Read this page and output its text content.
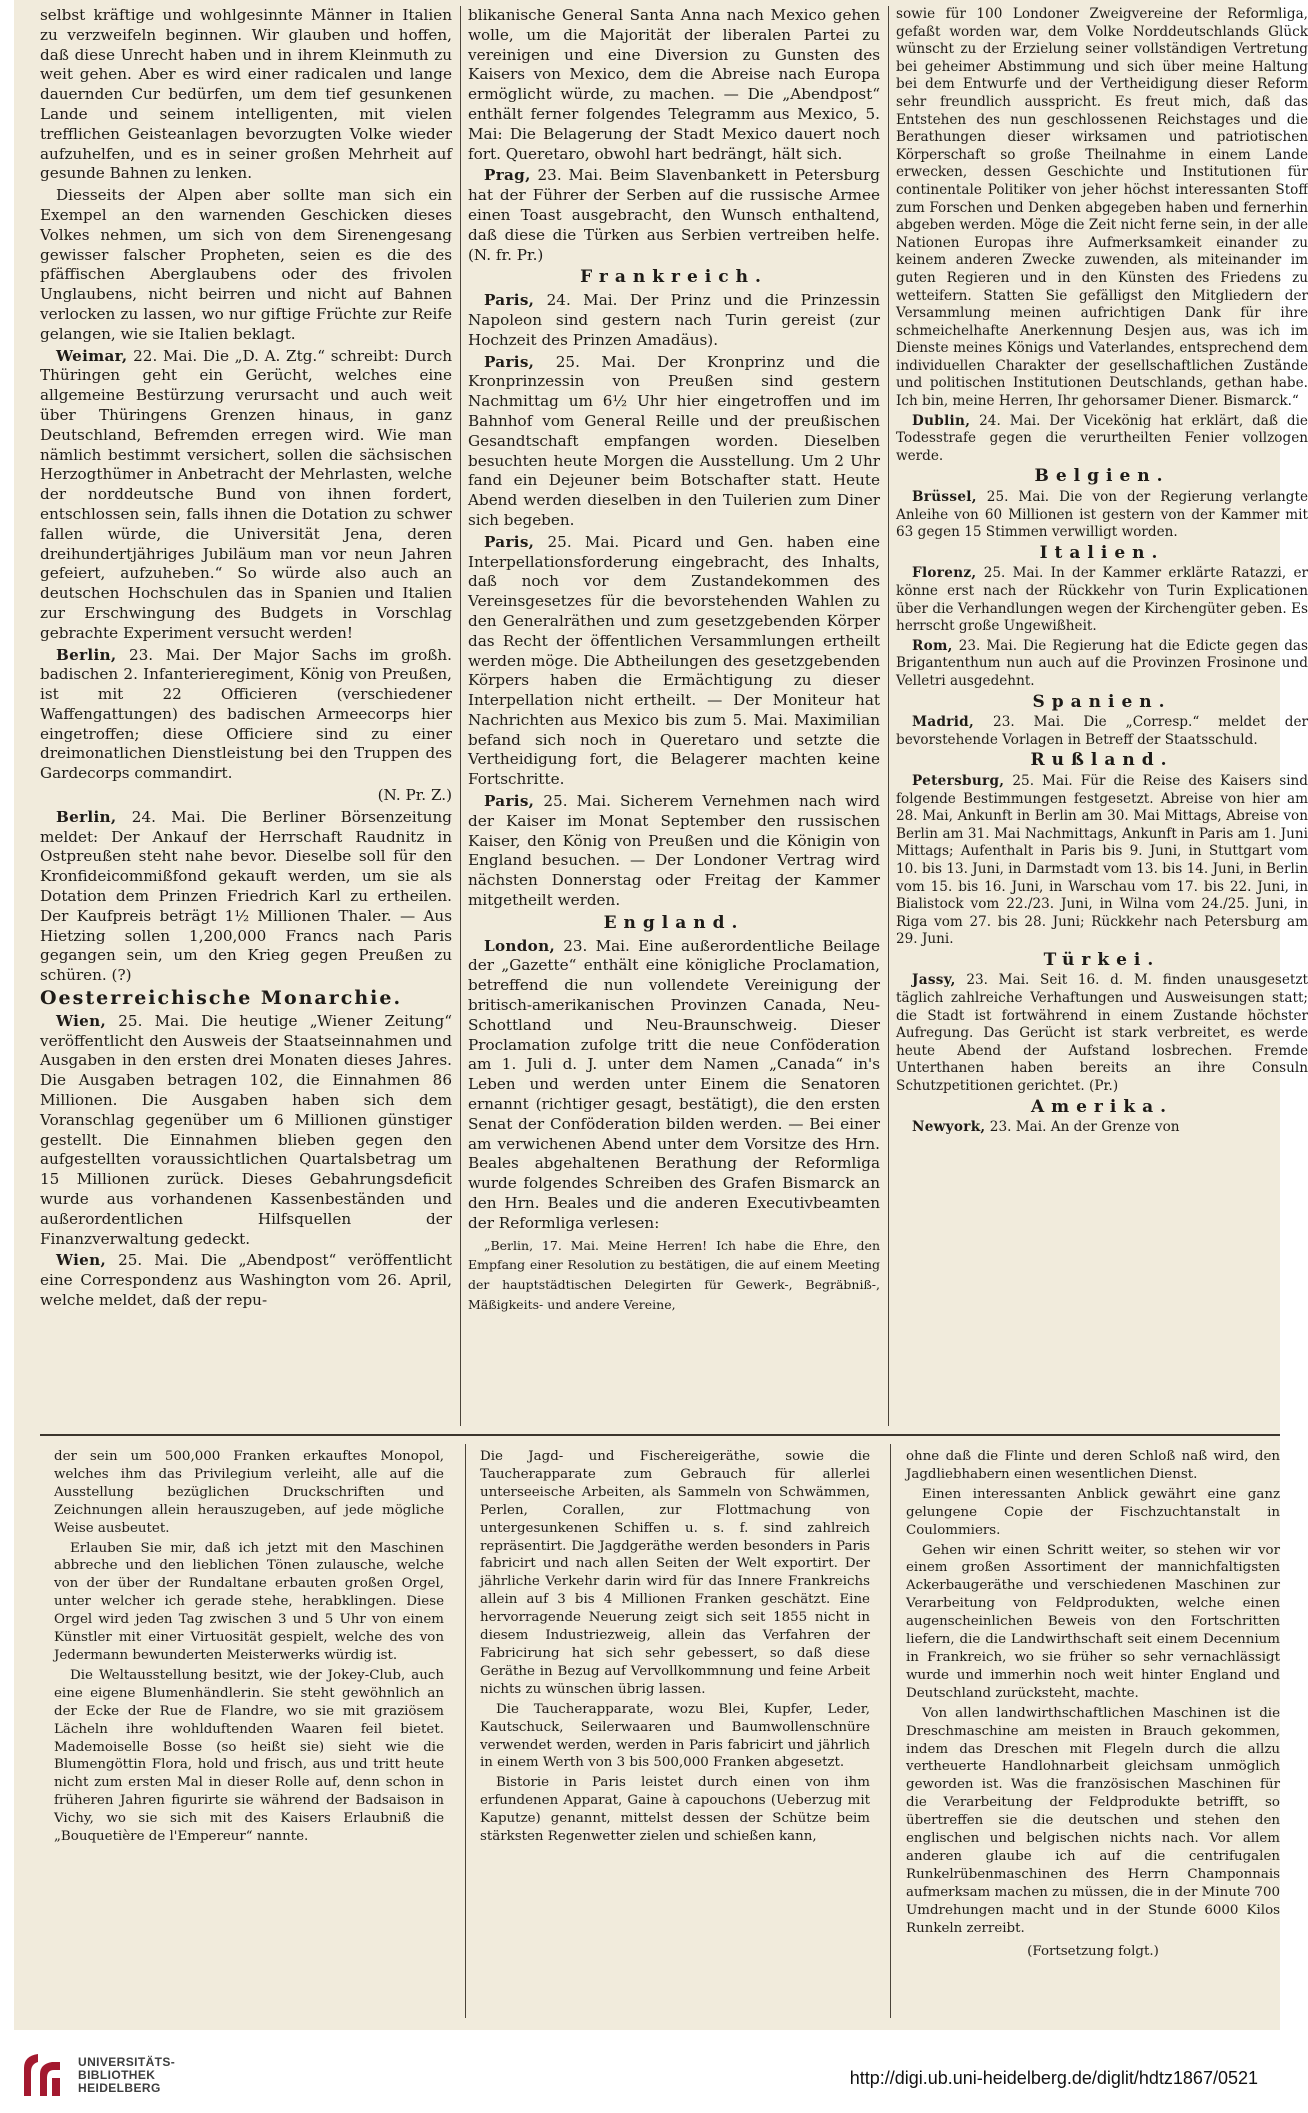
selbst kräftige und wohlgesinnte Männer in Italien zu verzweifeln beginnen. Wir glauben und hoffen, daß diese Unrecht haben und in ihrem Kleinmuth zu weit gehen. Aber es wird einer radicalen und lange dauernden Cur bedürfen, um dem tief gesunkenen Lande und seinem intelligenten, mit vielen trefflichen Geisteanlagen bevorzugten Volke wieder aufzuhelfen, und es in seiner großen Mehrheit auf gesunde Bahnen zu lenken.

Diesseits der Alpen aber sollte man sich ein Exempel an den warnenden Geschicken dieses Volkes nehmen, um sich von dem Sirenengesang gewisser falscher Propheten, seien es die des pfäffischen Aberglaubens oder des frivolen Unglaubens, nicht beirren und nicht auf Bahnen verlocken zu lassen, wo nur giftige Früchte zur Reife gelangen, wie sie Italien beklagt.

Weimar, 22. Mai. Die „D. A. Ztg.“ schreibt: Durch Thüringen geht ein Gerücht, welches eine allgemeine Bestürzung verursacht und auch weit über Thüringens Grenzen hinaus, in ganz Deutschland, Befremden erregen wird. Wie man nämlich bestimmt versichert, sollen die sächsischen Herzogthümer in Anbetracht der Mehrlasten, welche der norddeutsche Bund von ihnen fordert, entschlossen sein, falls ihnen die Dotation zu schwer fallen würde, die Universität Jena, deren dreihundertjähriges Jubiläum man vor neun Jahren gefeiert, aufzuheben.“ So würde also auch an deutschen Hochschulen das in Spanien und Italien zur Erschwingung des Budgets in Vorschlag gebrachte Experiment versucht werden!

Berlin, 23. Mai. Der Major Sachs im großh. badischen 2. Infanterieregiment, König von Preußen, ist mit 22 Officieren (verschiedener Waffengattungen) des badischen Armeecorps hier eingetroffen; diese Officiere sind zu einer dreimonatlichen Dienstleistung bei den Truppen des Gardecorps commandirt.

(N. Pr. Z.)

Berlin, 24. Mai. Die Berliner Börsenzeitung meldet: Der Ankauf der Herrschaft Raudnitz in Ostpreußen steht nahe bevor. Dieselbe soll für den Kronfideicommißfond gekauft werden, um sie als Dotation dem Prinzen Friedrich Karl zu ertheilen. Der Kaufpreis beträgt 1½ Millionen Thaler. — Aus Hietzing sollen 1,200,000 Francs nach Paris gegangen sein, um den Krieg gegen Preußen zu schüren. (?)

Oesterreichische Monarchie.

Wien, 25. Mai. Die heutige „Wiener Zeitung“ veröffentlicht den Ausweis der Staatseinnahmen und Ausgaben in den ersten drei Monaten dieses Jahres. Die Ausgaben betragen 102, die Einnahmen 86 Millionen. Die Ausgaben haben sich dem Voranschlag gegenüber um 6 Millionen günstiger gestellt. Die Einnahmen blieben gegen den aufgestellten voraussichtlichen Quartalsbetrag um 15 Millionen zurück. Dieses Gebahrungsdeficit wurde aus vorhandenen Kassenbeständen und außerordentlichen Hilfsquellen der Finanzverwaltung gedeckt.

Wien, 25. Mai. Die „Abendpost“ veröffentlicht eine Correspondenz aus Washington vom 26. April, welche meldet, daß der repu-

blikanische General Santa Anna nach Mexico gehen wolle, um die Majorität der liberalen Partei zu vereinigen und eine Diversion zu Gunsten des Kaisers von Mexico, dem die Abreise nach Europa ermöglicht würde, zu machen. — Die „Abendpost“ enthält ferner folgendes Telegramm aus Mexico, 5. Mai: Die Belagerung der Stadt Mexico dauert noch fort. Queretaro, obwohl hart bedrängt, hält sich.

Prag, 23. Mai. Beim Slavenbankett in Petersburg hat der Führer der Serben auf die russische Armee einen Toast ausgebracht, den Wunsch enthaltend, daß diese die Türken aus Serbien vertreiben helfe. (N. fr. Pr.)

Frankreich.

Paris, 24. Mai. Der Prinz und die Prinzessin Napoleon sind gestern nach Turin gereist (zur Hochzeit des Prinzen Amadäus).

Paris, 25. Mai. Der Kronprinz und die Kronprinzessin von Preußen sind gestern Nachmittag um 6½ Uhr hier eingetroffen und im Bahnhof vom General Reille und der preußischen Gesandtschaft empfangen worden. Dieselben besuchten heute Morgen die Ausstellung. Um 2 Uhr fand ein Dejeuner beim Botschafter statt. Heute Abend werden dieselben in den Tuilerien zum Diner sich begeben.

Paris, 25. Mai. Picard und Gen. haben eine Interpellationsforderung eingebracht, des Inhalts, daß noch vor dem Zustandekommen des Vereinsgesetzes für die bevorstehenden Wahlen zu den Generalräthen und zum gesetzgebenden Körper das Recht der öffentlichen Versammlungen ertheilt werden möge. Die Abtheilungen des gesetzgebenden Körpers haben die Ermächtigung zu dieser Interpellation nicht ertheilt. — Der Moniteur hat Nachrichten aus Mexico bis zum 5. Mai. Maximilian befand sich noch in Queretaro und setzte die Vertheidigung fort, die Belagerer machten keine Fortschritte.

Paris, 25. Mai. Sicherem Vernehmen nach wird der Kaiser im Monat September den russischen Kaiser, den König von Preußen und die Königin von England besuchen. — Der Londoner Vertrag wird nächsten Donnerstag oder Freitag der Kammer mitgetheilt werden.

England.

London, 23. Mai. Eine außerordentliche Beilage der „Gazette“ enthält eine königliche Proclamation, betreffend die nun vollendete Vereinigung der britisch-amerikanischen Provinzen Canada, Neu-Schottland und Neu-Braunschweig. Dieser Proclamation zufolge tritt die neue Conföderation am 1. Juli d. J. unter dem Namen „Canada“ in's Leben und werden unter Einem die Senatoren ernannt (richtiger gesagt, bestätigt), die den ersten Senat der Conföderation bilden werden. — Bei einer am verwichenen Abend unter dem Vorsitze des Hrn. Beales abgehaltenen Berathung der Reformliga wurde folgendes Schreiben des Grafen Bismarck an den Hrn. Beales und die anderen Executivbeamten der Reformliga verlesen:

„Berlin, 17. Mai. Meine Herren! Ich habe die Ehre, den Empfang einer Resolution zu bestätigen, die auf einem Meeting der hauptstädtischen Delegirten für Gewerk-, Begräbniß-, Mäßigkeits- und andere Vereine,

sowie für 100 Londoner Zweigvereine der Reformliga, gefaßt worden war, dem Volke Norddeutschlands Glück wünscht zu der Erzielung seiner vollständigen Vertretung bei geheimer Abstimmung und sich über meine Haltung bei dem Entwurfe und der Vertheidigung dieser Reform sehr freundlich ausspricht. Es freut mich, daß das Entstehen des nun geschlossenen Reichstages und die Berathungen dieser wirksamen und patriotischen Körperschaft so große Theilnahme in einem Lande erwecken, dessen Geschichte und Institutionen für continentale Politiker von jeher höchst interessanten Stoff zum Forschen und Denken abgegeben haben und fernerhin abgeben werden. Möge die Zeit nicht ferne sein, in der alle Nationen Europas ihre Aufmerksamkeit einander zu keinem anderen Zwecke zuwenden, als miteinander im guten Regieren und in den Künsten des Friedens zu wetteifern. Statten Sie gefälligst den Mitgliedern der Versammlung meinen aufrichtigen Dank für ihre schmeichelhafte Anerkennung Desjen aus, was ich im Dienste meines Königs und Vaterlandes, entsprechend dem individuellen Charakter der gesellschaftlichen Zustände und politischen Institutionen Deutschlands, gethan habe. Ich bin, meine Herren, Ihr gehorsamer Diener. Bismarck.“

Dublin, 24. Mai. Der Vicekönig hat erklärt, daß die Todesstrafe gegen die verurtheilten Fenier vollzogen werde.

Belgien.

Brüssel, 25. Mai. Die von der Regierung verlangte Anleihe von 60 Millionen ist gestern von der Kammer mit 63 gegen 15 Stimmen verwilligt worden.

Italien.

Florenz, 25. Mai. In der Kammer erklärte Ratazzi, er könne erst nach der Rückkehr von Turin Explicationen über die Verhandlungen wegen der Kirchengüter geben. Es herrscht große Ungewißheit.

Rom, 23. Mai. Die Regierung hat die Edicte gegen das Brigantenthum nun auch auf die Provinzen Frosinone und Velletri ausgedehnt.

Spanien.

Madrid, 23. Mai. Die „Corresp.“ meldet der bevorstehende Vorlagen in Betreff der Staatsschuld.

Rußland.

Petersburg, 25. Mai. Für die Reise des Kaisers sind folgende Bestimmungen festgesetzt. Abreise von hier am 28. Mai, Ankunft in Berlin am 30. Mai Mittags, Abreise von Berlin am 31. Mai Nachmittags, Ankunft in Paris am 1. Juni Mittags; Aufenthalt in Paris bis 9. Juni, in Stuttgart vom 10. bis 13. Juni, in Darmstadt vom 13. bis 14. Juni, in Berlin vom 15. bis 16. Juni, in Warschau vom 17. bis 22. Juni, in Bialistock vom 22./23. Juni, in Wilna vom 24./25. Juni, in Riga vom 27. bis 28. Juni; Rückkehr nach Petersburg am 29. Juni.

Türkei.

Jassy, 23. Mai. Seit 16. d. M. finden unausgesetzt täglich zahlreiche Verhaftungen und Ausweisungen statt; die Stadt ist fortwährend in einem Zustande höchster Aufregung. Das Gerücht ist stark verbreitet, es werde heute Abend der Aufstand losbrechen. Fremde Unterthanen haben bereits an ihre Consuln Schutzpetitionen gerichtet. (Pr.)

Amerika.

Newyork, 23. Mai. An der Grenze von

der sein um 500,000 Franken erkauftes Monopol, welches ihm das Privilegium verleiht, alle auf die Ausstellung bezüglichen Druckschriften und Zeichnungen allein herauszugeben, auf jede mögliche Weise ausbeutet.

Erlauben Sie mir, daß ich jetzt mit den Maschinen abbreche und den lieblichen Tönen zulausche, welche von der über der Rundaltane erbauten großen Orgel, unter welcher ich gerade stehe, herabklingen. Diese Orgel wird jeden Tag zwischen 3 und 5 Uhr von einem Künstler mit einer Virtuosität gespielt, welche des von Jedermann bewunderten Meisterwerks würdig ist.

Die Weltausstellung besitzt, wie der Jokey-Club, auch eine eigene Blumenhändlerin. Sie steht gewöhnlich an der Ecke der Rue de Flandre, wo sie mit graziösem Lächeln ihre wohlduftenden Waaren feil bietet. Mademoiselle Bosse (so heißt sie) sieht wie die Blumengöttin Flora, hold und frisch, aus und tritt heute nicht zum ersten Mal in dieser Rolle auf, denn schon in früheren Jahren figurirte sie während der Badsaison in Vichy, wo sie sich mit des Kaisers Erlaubniß die „Bouquetière de l'Empereur“ nannte.

Die Jagd- und Fischereigeräthe, sowie die Taucherapparate zum Gebrauch für allerlei unterseeische Arbeiten, als Sammeln von Schwämmen, Perlen, Corallen, zur Flottmachung von untergesunkenen Schiffen u. s. f. sind zahlreich repräsentirt. Die Jagdgeräthe werden besonders in Paris fabricirt und nach allen Seiten der Welt exportirt. Der jährliche Verkehr darin wird für das Innere Frankreichs allein auf 3 bis 4 Millionen Franken geschätzt. Eine hervorragende Neuerung zeigt sich seit 1855 nicht in diesem Industriezweig, allein das Verfahren der Fabricirung hat sich sehr gebessert, so daß diese Geräthe in Bezug auf Vervollkommnung und feine Arbeit nichts zu wünschen übrig lassen.

Die Taucherapparate, wozu Blei, Kupfer, Leder, Kautschuck, Seilerwaaren und Baumwollenschnüre verwendet werden, werden in Paris fabricirt und jährlich in einem Werth von 3 bis 500,000 Franken abgesetzt.

Bistorie in Paris leistet durch einen von ihm erfundenen Apparat, Gaine à capouchons (Ueberzug mit Kaputze) genannt, mittelst dessen der Schütze beim stärksten Regenwetter zielen und schießen kann,

ohne daß die Flinte und deren Schloß naß wird, den Jagdliebhabern einen wesentlichen Dienst.

Einen interessanten Anblick gewährt eine ganz gelungene Copie der Fischzuchtanstalt in Coulommiers.

Gehen wir einen Schritt weiter, so stehen wir vor einem großen Assortiment der mannichfaltigsten Ackerbaugeräthe und verschiedenen Maschinen zur Verarbeitung von Feldprodukten, welche einen augenscheinlichen Beweis von den Fortschritten liefern, die die Landwirthschaft seit einem Decennium in Frankreich, wo sie früher so sehr vernachlässigt wurde und immerhin noch weit hinter England und Deutschland zurücksteht, machte.

Von allen landwirthschaftlichen Maschinen ist die Dreschmaschine am meisten in Brauch gekommen, indem das Dreschen mit Flegeln durch die allzu vertheuerte Handlohnarbeit gleichsam unmöglich geworden ist. Was die französischen Maschinen für die Verarbeitung der Feldprodukte betrifft, so übertreffen sie die deutschen und stehen den englischen und belgischen nichts nach. Vor allem anderen glaube ich auf die centrifugalen Runkelrübenmaschinen des Herrn Champonnais aufmerksam machen zu müssen, die in der Minute 700 Umdrehungen macht und in der Stunde 6000 Kilos Runkeln zerreibt.

(Fortsetzung folgt.)

UNIVERSITÄTS-
BIBLIOTHEK
HEIDELBERG	http://digi.ub.uni-heidelberg.de/diglit/hdtz1867/0521
